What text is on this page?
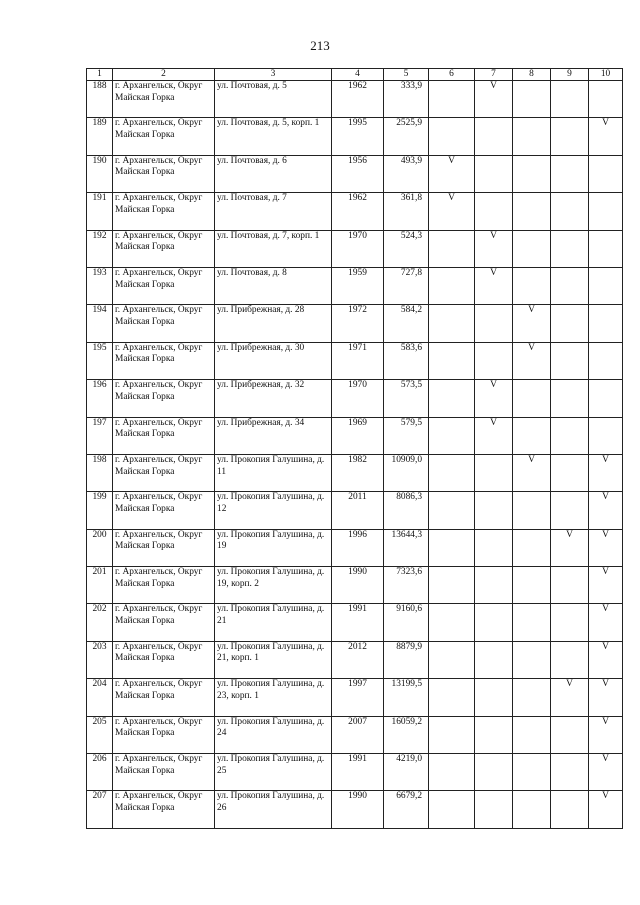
213
1	2	3	4	5	6	7	8	9	10
188	г. Архангельск, Округ Майская Горка	ул. Почтовая, д. 5	1962	333,9		V			
189	г. Архангельск, Округ Майская Горка	ул. Почтовая, д. 5, корп. 1	1995	2525,9					V
190	г. Архангельск, Округ Майская Горка	ул. Почтовая, д. 6	1956	493,9	V				
191	г. Архангельск, Округ Майская Горка	ул. Почтовая, д. 7	1962	361,8	V				
192	г. Архангельск, Округ Майская Горка	ул. Почтовая, д. 7, корп. 1	1970	524,3		V			
193	г. Архангельск, Округ Майская Горка	ул. Почтовая, д. 8	1959	727,8		V			
194	г. Архангельск, Округ Майская Горка	ул. Прибрежная, д. 28	1972	584,2			V		
195	г. Архангельск, Округ Майская Горка	ул. Прибрежная, д. 30	1971	583,6			V		
196	г. Архангельск, Округ Майская Горка	ул. Прибрежная, д. 32	1970	573,5		V			
197	г. Архангельск, Округ Майская Горка	ул. Прибрежная, д. 34	1969	579,5		V			
198	г. Архангельск, Округ Майская Горка	ул. Прокопия Галушина, д. 11	1982	10909,0			V		V
199	г. Архангельск, Округ Майская Горка	ул. Прокопия Галушина, д. 12	2011	8086,3					V
200	г. Архангельск, Округ Майская Горка	ул. Прокопия Галушина, д. 19	1996	13644,3				V	V
201	г. Архангельск, Округ Майская Горка	ул. Прокопия Галушина, д. 19, корп. 2	1990	7323,6					V
202	г. Архангельск, Округ Майская Горка	ул. Прокопия Галушина, д. 21	1991	9160,6					V
203	г. Архангельск, Округ Майская Горка	ул. Прокопия Галушина, д. 21, корп. 1	2012	8879,9					V
204	г. Архангельск, Округ Майская Горка	ул. Прокопия Галушина, д. 23, корп. 1	1997	13199,5				V	V
205	г. Архангельск, Округ Майская Горка	ул. Прокопия Галушина, д. 24	2007	16059,2					V
206	г. Архангельск, Округ Майская Горка	ул. Прокопия Галушина, д. 25	1991	4219,0					V
207	г. Архангельск, Округ Майская Горка	ул. Прокопия Галушина, д. 26	1990	6679,2					V
